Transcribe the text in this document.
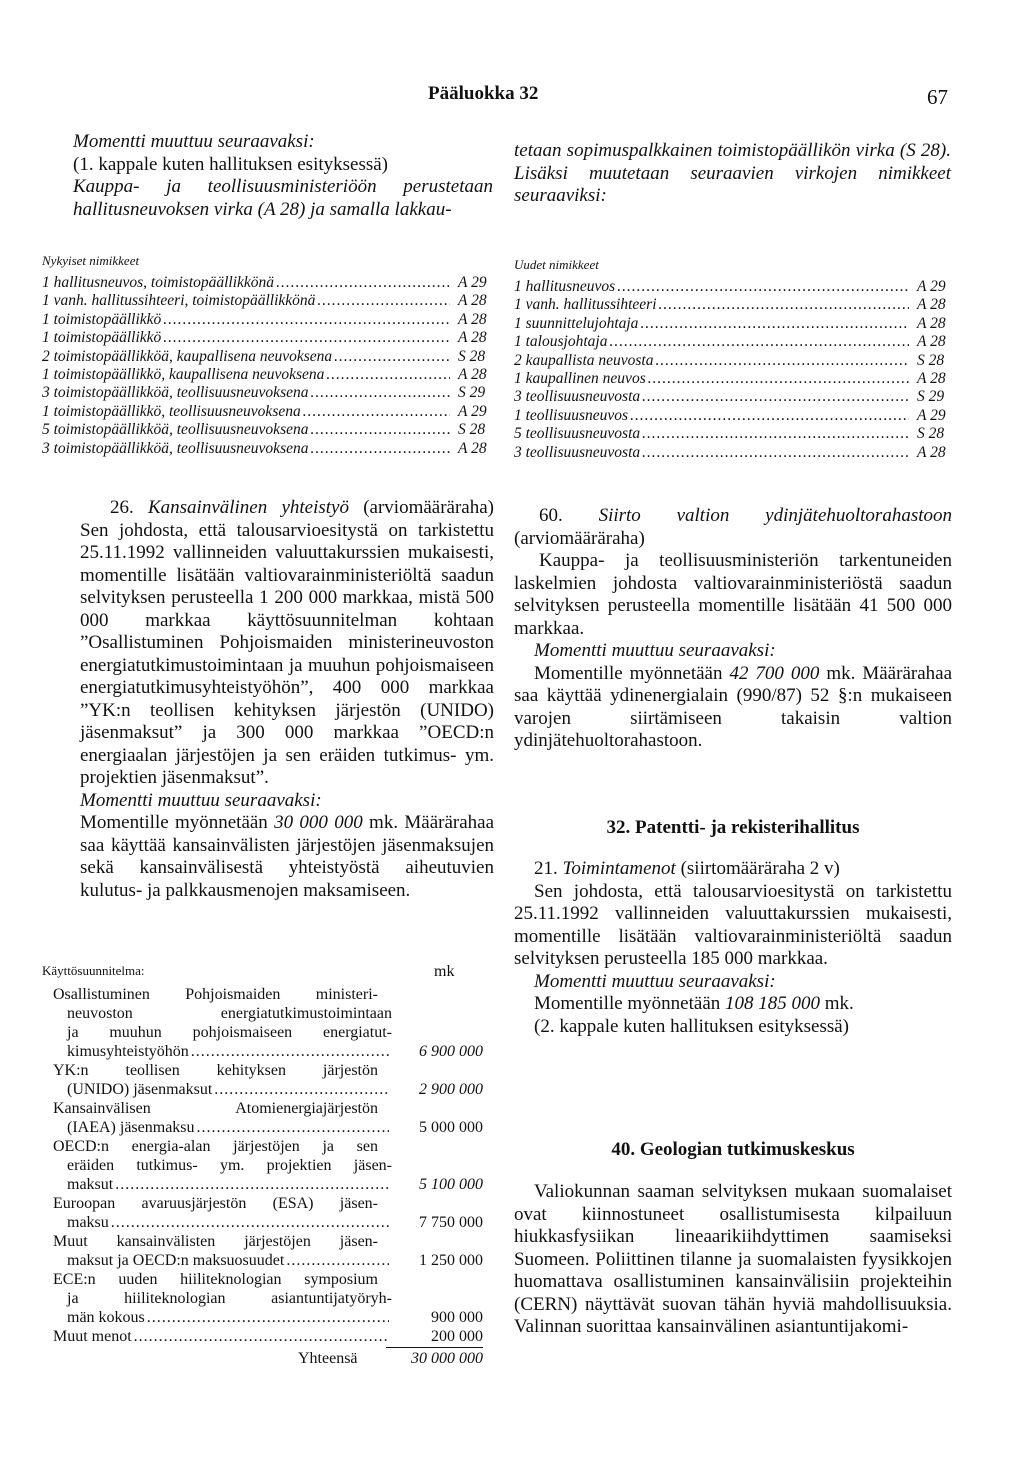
Pääluokka 32	67
Momentti muuttuu seuraavaksi:
(1. kappale kuten hallituksen esityksessä)
Kauppa- ja teollisuusministeriöön perustetaan hallitusneuvoksen virka (A 28) ja samalla lakkau-
tetaan sopimuspalkkainen toimistopäällikön virka (S 28). Lisäksi muutetaan seuraavien virkojen nimikkeet seuraaviksi:
Nykyiset nimikkeet	Uudet nimikkeet
1 hallitusneuvos, toimistopäällikkönä .....	A 29
1 vanh. hallitussihteeri, toimistopäällikkönä .....	A 28
1 toimistopäällikkö .....	A 28
1 toimistopäällikkö .....	A 28
2 toimistopäällikköä, kaupallisena neuvoksena .....	S 28
1 toimistopäällikkö, kaupallisena neuvoksena .....	A 28
3 toimistopäällikköä, teollisuusneuvoksena .....	S 29
1 toimistopäällikkö, teollisuusneuvoksena .....	A 29
5 toimistopäällikköä, teollisuusneuvoksena .....	S 28
3 toimistopäällikköä, teollisuusneuvoksena .....	A 28
1 hallitusneuvos .....	A 29
1 vanh. hallitussihteeri .....	A 28
1 suunnittelujohtaja .....	A 28
1 talousjohtaja .....	A 28
2 kaupallista neuvosta .....	S 28
1 kaupallinen neuvos .....	A 28
3 teollisuusneuvosta .....	S 29
1 teollisuusneuvos .....	A 29
5 teollisuusneuvosta .....	S 28
3 teollisuusneuvosta .....	A 28
26. Kansainvälinen yhteistyö (arviomääräraha) Sen johdosta, että talousarvioesitystä on tarkistettu 25.11.1992 vallinneiden valuuttakurssien mukaisesti, momentille lisätään valtiovarainministeriöltä saadun selvityksen perusteella 1 200 000 markkaa, mistä 500 000 markkaa käyttösuunnitelman kohtaan ”Osallistuminen Pohjoismaiden ministerineuvoston energiatutkimustoimintaan ja muuhun pohjoismaiseen energiatutkimusyhteistyöhön”, 400 000 markkaa ”YK:n teollisen kehityksen järjestön (UNIDO) jäsenmaksut” ja 300 000 markkaa ”OECD:n energiaalan järjestöjen ja sen eräiden tutkimus- ym. projektien jäsenmaksut”.
Momentti muuttuu seuraavaksi:
Momentille myönnetään 30 000 000 mk. Määrärahaa saa käyttää kansainvälisten järjestöjen jäsenmaksujen sekä kansainvälisestä yhteistyöstä aiheutuvien kulutus- ja palkkausmenojen maksamiseen.
Käyttösuunnitelma:	mk
Osallistuminen Pohjoismaiden ministeri-
neuvoston energiatutkimustoimintaan
ja muuhun pohjoismaiseen energiatut-
kimusyhteistyöhön .....	6 900 000
YK:n teollisen kehityksen järjestön
(UNIDO) jäsenmaksut .....	2 900 000
Kansainvälisen Atomienergiajärjestön
(IAEA) jäsenmaksu .....	5 000 000
OECD:n energia-alan järjestöjen ja sen
eräiden tutkimus- ym. projektien jäsen-
maksut .....	5 100 000
Euroopan avaruusjärjestön (ESA) jäsen-
maksu .....	7 750 000
Muut kansainvälisten järjestöjen jäsen-
maksut ja OECD:n maksuosuudet .....	1 250 000
ECE:n uuden hiiliteknologian symposium
ja hiiliteknologian asiantuntijatyöryh-
män kokous .....	900 000
Muut menot .....	200 000
Yhteensä	30 000 000
60. Siirto valtion ydinjätehuoltorahastoon (arviomääräraha)
Kauppa- ja teollisuusministeriön tarkentuneiden laskelmien johdosta valtiovarainministeriöstä saadun selvityksen perusteella momentille lisätään 41 500 000 markkaa.
Momentti muuttuu seuraavaksi:
Momentille myönnetään 42 700 000 mk. Määrärahaa saa käyttää ydinenergialain (990/87) 52 §:n mukaiseen varojen siirtämiseen takaisin valtion ydinjätehuoltorahastoon.
32. Patentti- ja rekisterihallitus
21. Toimintamenot (siirtomääräraha 2 v)
Sen johdosta, että talousarvioesitystä on tarkistettu 25.11.1992 vallinneiden valuuttakurssien mukaisesti, momentille lisätään valtiovarainministeriöltä saadun selvityksen perusteella 185 000 markkaa.
Momentti muuttuu seuraavaksi:
Momentille myönnetään 108 185 000 mk.
(2. kappale kuten hallituksen esityksessä)
40. Geologian tutkimuskeskus
Valiokunnan saaman selvityksen mukaan suomalaiset ovat kiinnostuneet osallistumisesta kilpailuun hiukkasfysiikan lineaarikiihdyttimen saamiseksi Suomeen. Poliittinen tilanne ja suomalaisten fyysikkojen huomattava osallistuminen kansainvälisiin projekteihin (CERN) näyttävät suovan tähän hyviä mahdollisuuksia. Valinnan suorittaa kansainvälinen asiantuntijakomi-
